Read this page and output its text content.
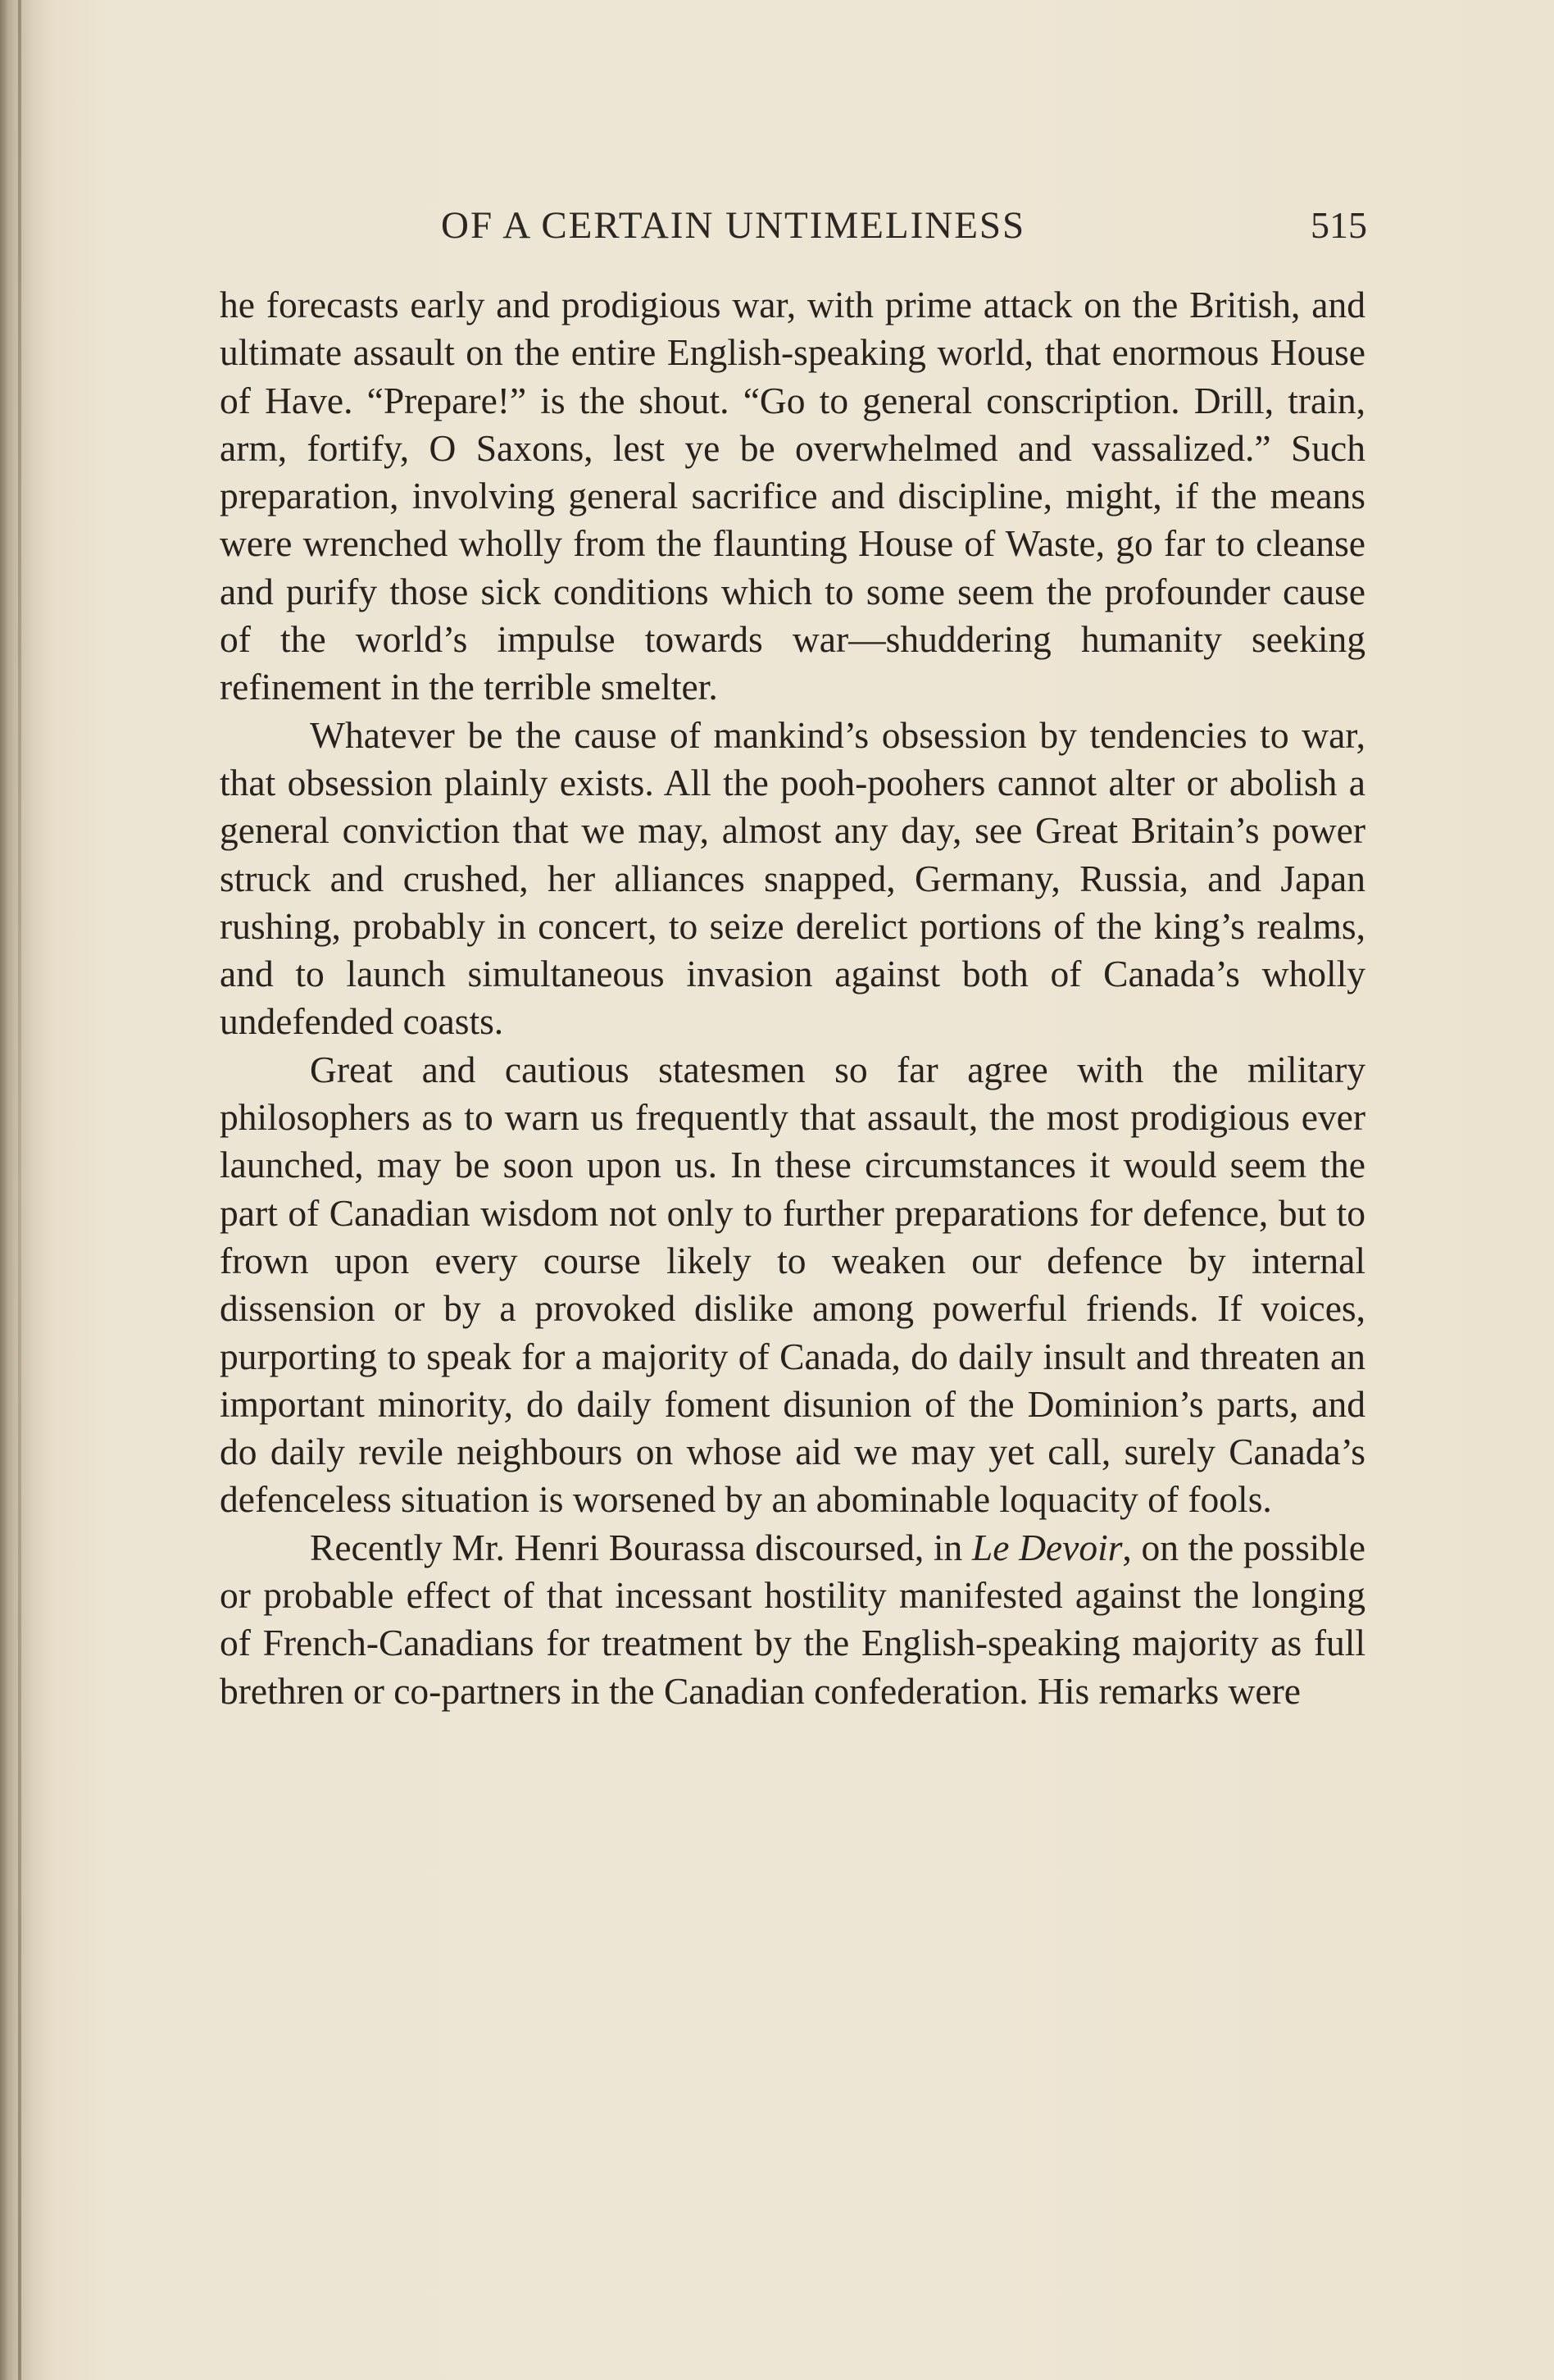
OF A CERTAIN UNTIMELINESS	515

he forecasts early and prodigious war, with prime attack on the British, and ultimate assault on the entire English-speaking world, that enormous House of Have. “Prepare!” is the shout. “Go to general conscription. Drill, train, arm, fortify, O Saxons, lest ye be overwhelmed and vassalized.” Such preparation, involving general sacrifice and discipline, might, if the means were wrenched wholly from the flaunting House of Waste, go far to cleanse and purify those sick conditions which to some seem the profounder cause of the world’s impulse towards war—shuddering humanity seeking refinement in the terrible smelter.

Whatever be the cause of mankind’s obsession by tendencies to war, that obsession plainly exists. All the pooh-poohers cannot alter or abolish a general conviction that we may, almost any day, see Great Britain’s power struck and crushed, her alliances snapped, Germany, Russia, and Japan rushing, probably in concert, to seize derelict portions of the king’s realms, and to launch simultaneous invasion against both of Canada’s wholly undefended coasts.

Great and cautious statesmen so far agree with the military philosophers as to warn us frequently that assault, the most prodigious ever launched, may be soon upon us. In these circumstances it would seem the part of Canadian wisdom not only to further preparations for defence, but to frown upon every course likely to weaken our defence by internal dissension or by a provoked dislike among powerful friends. If voices, purporting to speak for a majority of Canada, do daily insult and threaten an important minority, do daily foment disunion of the Dominion’s parts, and do daily revile neighbours on whose aid we may yet call, surely Canada’s defenceless situation is worsened by an abominable loquacity of fools.

Recently Mr. Henri Bourassa discoursed, in Le Devoir, on the possible or probable effect of that incessant hostility manifested against the longing of French-Canadians for treatment by the English-speaking majority as full brethren or co-partners in the Canadian confederation. His remarks were
